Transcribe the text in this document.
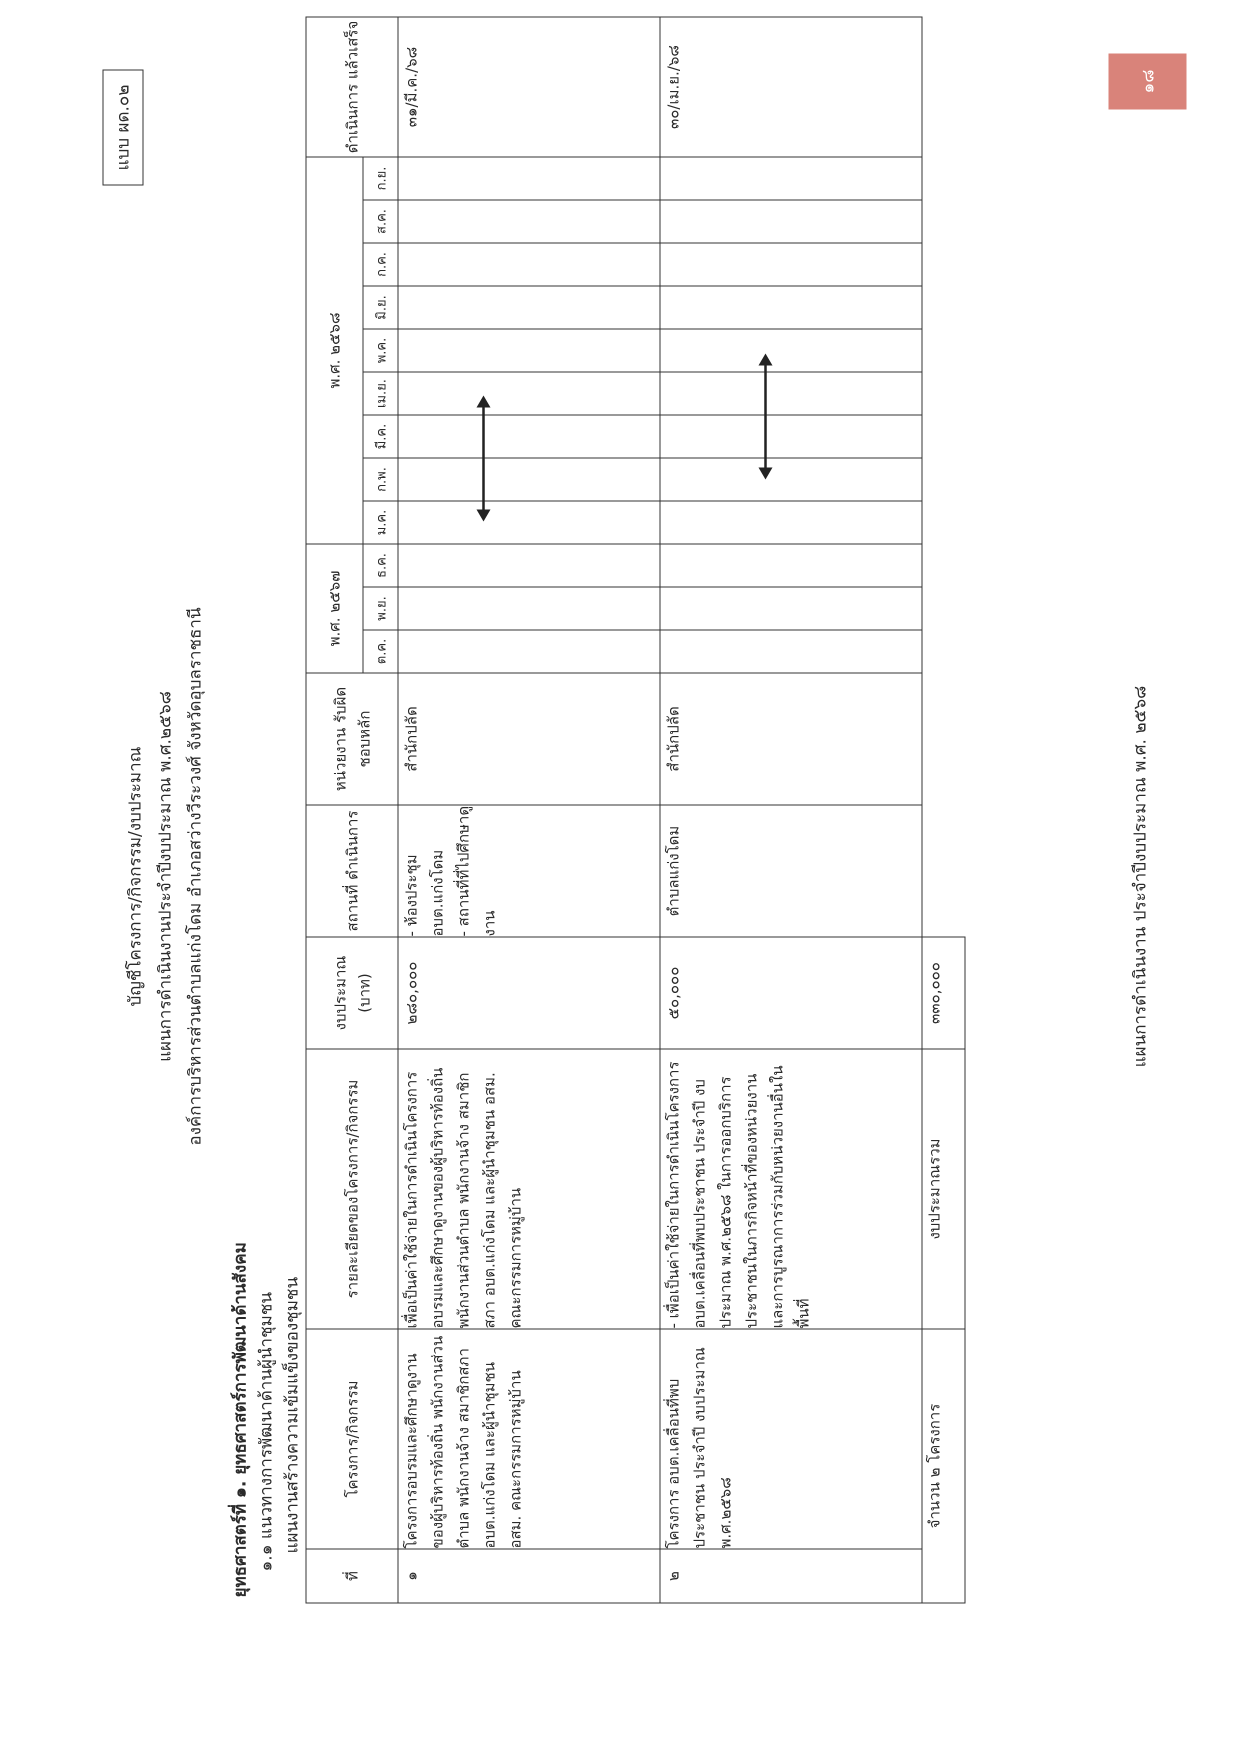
แบบ ผด.๐๒
บัญชีโครงการ/กิจกรรม/งบประมาณ แผนการดำเนินงานประจำปีงบประมาณ พ.ศ.๒๕๖๘ องค์การบริหารส่วนตำบลแก่งโดม อำเภอสว่างวีระวงศ์ จังหวัดอุบลราชธานี
ยุทธศาสตร์ที่ ๑. ยุทธศาสตร์การพัฒนาด้านสังคม ๑.๑ แนวทางการพัฒนาด้านผู้นำชุมชน แผนงานสร้างความเข้มแข็งของชุมชน
ที่	โครงการ/กิจกรรม	รายละเอียดของโครงการ/กิจกรรม	งบประมาณ (บาท)	สถานที่ ดำเนินการ	หน่วยงาน รับผิดชอบหลัก	พ.ศ. ๒๕๖๗			พ.ศ. ๒๕๖๘									ดำเนินการ แล้วเสร็จ
						ต.ค.	พ.ย.	ธ.ค.	ม.ค.	ก.พ.	มี.ค.	เม.ย.	พ.ค.	มิ.ย.	ก.ค.	ส.ค.	ก.ย.	
๑	โครงการอบรมและศึกษาดูงานของผู้บริหารท้องถิ่น พนักงานส่วนตำบล พนักงานจ้าง สมาชิกสภา อบต.แก่งโดม และผู้นำชุมชน อสม. คณะกรรมการหมู่บ้าน	เพื่อเป็นค่าใช้จ่ายในการดำเนินโครงการอบรมและศึกษาดูงานของผู้บริหารท้องถิ่น พนักงานส่วนตำบล พนักงานจ้าง สมาชิกสภา อบต.แก่งโดม และผู้นำชุมชน อสม. คณะกรรมการหมู่บ้าน	๒๘๐,๐๐๐	- ห้องประชุม อบต.แก่งโดม - สถานที่ที่ไปศึกษาดูงาน	สำนักปลัด													๓๑/มี.ค./๖๘
๒	โครงการ อบต.เคลื่อนที่พบประชาชน ประจำปี งบประมาณ พ.ศ.๒๕๖๘	- เพื่อเป็นค่าใช้จ่ายในการดำเนินโครงการ อบต.เคลื่อนที่พบประชาชน ประจำปี งบประมาณ พ.ศ.๒๕๖๘ ในการออกบริการประชาชนในภารกิจหน้าที่ของหน่วยงานและการบูรณาการร่วมกับหน่วยงานอื่นในพื้นที่	๕๐,๐๐๐	ตำบลแก่งโดม	สำนักปลัด													๓๐/เม.ย./๖๘
จำนวน ๒ โครงการ		งบประมาณรวม	๓๓๐,๐๐๐																แผนการดำเนินงาน ประจำปีงบประมาณ พ.ศ. ๒๕๖๘
๑๘
